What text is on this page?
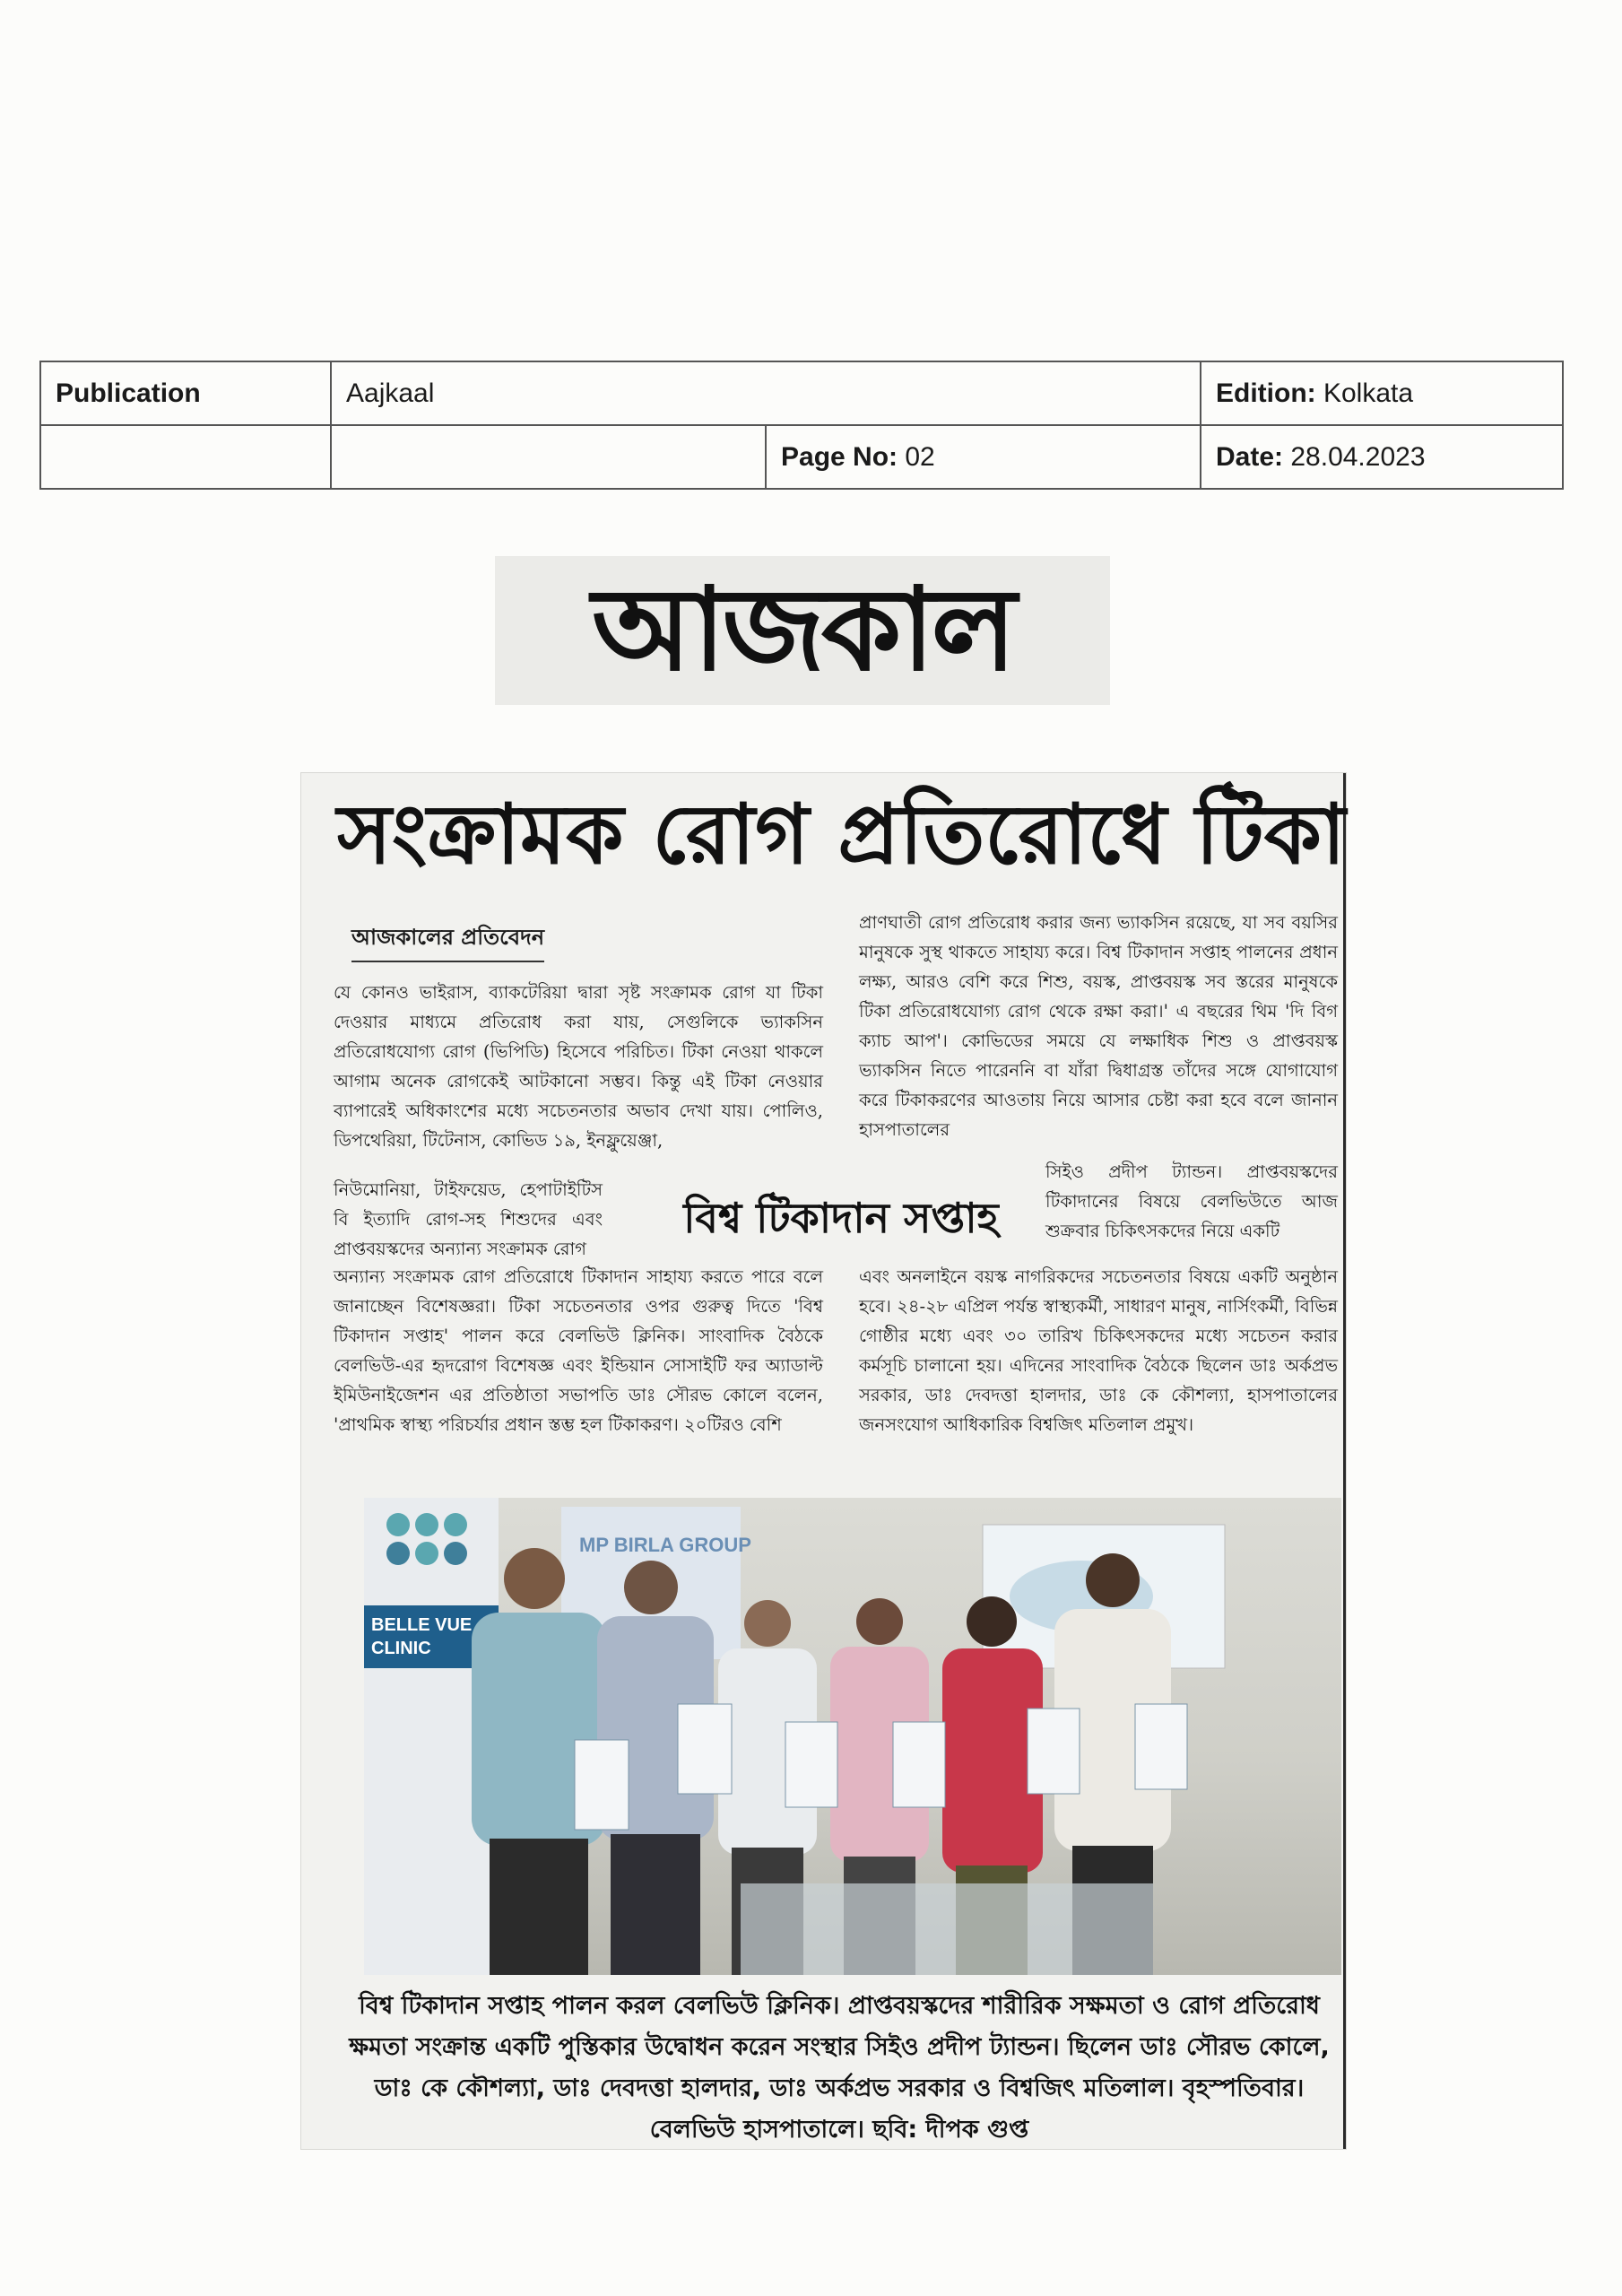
Publication	Aajkaal		Edition: Kolkata
		Page No: 02	Date: 28.04.2023
আজকাল
সংক্রামক রোগ প্রতিরোধে টিকা
আজকালের প্রতিবেদন
যে কোনও ভাইরাস, ব্যাকটেরিয়া দ্বারা সৃষ্ট সংক্রামক রোগ যা টিকা দেওয়ার মাধ্যমে প্রতিরোধ করা যায়, সেগুলিকে ভ্যাকসিন প্রতিরোধযোগ্য রোগ (ভিপিডি) হিসেবে পরিচিত। টিকা নেওয়া থাকলে আগাম অনেক রোগকেই আটকানো সম্ভব। কিন্তু এই টিকা নেওয়ার ব্যাপারেই অধিকাংশের মধ্যে সচেতনতার অভাব দেখা যায়। পোলিও, ডিপথেরিয়া, টিটেনাস, কোভিড ১৯, ইনফ্লুয়েঞ্জা,
নিউমোনিয়া, টাইফয়েড, হেপাটাইটিস বি ইত্যাদি রোগ-সহ শিশুদের এবং প্রাপ্তবয়স্কদের অন্যান্য সংক্রামক রোগ
বিশ্ব টিকাদান সপ্তাহ
সিইও প্রদীপ ট্যান্ডন। প্রাপ্তবয়স্কদের টিকাদানের বিষয়ে বেলভিউতে আজ শুক্রবার চিকিৎসকদের নিয়ে একটি
অন্যান্য সংক্রামক রোগ প্রতিরোধে টিকাদান সাহায্য করতে পারে বলে জানাচ্ছেন বিশেষজ্ঞরা। টিকা সচেতনতার ওপর গুরুত্ব দিতে 'বিশ্ব টিকাদান সপ্তাহ' পালন করে বেলভিউ ক্লিনিক। সাংবাদিক বৈঠকে বেলভিউ-এর হৃদরোগ বিশেষজ্ঞ এবং ইন্ডিয়ান সোসাইটি ফর অ্যাডাল্ট ইমিউনাইজেশন এর প্রতিষ্ঠাতা সভাপতি ডাঃ সৌরভ কোলে বলেন, 'প্রাথমিক স্বাস্থ্য পরিচর্যার প্রধান স্তম্ভ হল টিকাকরণ। ২০টিরও বেশি
প্রাণঘাতী রোগ প্রতিরোধ করার জন্য ভ্যাকসিন রয়েছে, যা সব বয়সির মানুষকে সুস্থ থাকতে সাহায্য করে। বিশ্ব টিকাদান সপ্তাহ পালনের প্রধান লক্ষ্য, আরও বেশি করে শিশু, বয়স্ক, প্রাপ্তবয়স্ক সব স্তরের মানুষকে টিকা প্রতিরোধযোগ্য রোগ থেকে রক্ষা করা।' এ বছরের থিম 'দি বিগ ক্যাচ আপ'। কোভিডের সময়ে যে লক্ষাধিক শিশু ও প্রাপ্তবয়স্ক ভ্যাকসিন নিতে পারেননি বা যাঁরা দ্বিধাগ্রস্ত তাঁদের সঙ্গে যোগাযোগ করে টিকাকরণের আওতায় নিয়ে আসার চেষ্টা করা হবে বলে জানান হাসপাতালের
এবং অনলাইনে বয়স্ক নাগরিকদের সচেতনতার বিষয়ে একটি অনুষ্ঠান হবে। ২৪-২৮ এপ্রিল পর্যন্ত স্বাস্থ্যকর্মী, সাধারণ মানুষ, নার্সিংকর্মী, বিভিন্ন গোষ্ঠীর মধ্যে এবং ৩০ তারিখ চিকিৎসকদের মধ্যে সচেতন করার কর্মসূচি চালানো হয়। এদিনের সাংবাদিক বৈঠকে ছিলেন ডাঃ অর্কপ্রভ সরকার, ডাঃ দেবদত্তা হালদার, ডাঃ কে কৌশল্যা, হাসপাতালের জনসংযোগ আধিকারিক বিশ্বজিৎ মতিলাল প্রমুখ।
BELLE VUE
CLINIC
MP BIRLA GROUP
বিশ্ব টিকাদান সপ্তাহ পালন করল বেলভিউ ক্লিনিক। প্রাপ্তবয়স্কদের শারীরিক সক্ষমতা ও রোগ প্রতিরোধ ক্ষমতা সংক্রান্ত একটি পুস্তিকার উদ্বোধন করেন সংস্থার সিইও প্রদীপ ট্যান্ডন। ছিলেন ডাঃ সৌরভ কোলে, ডাঃ কে কৌশল্যা, ডাঃ দেবদত্তা হালদার, ডাঃ অর্কপ্রভ সরকার ও বিশ্বজিৎ মতিলাল। বৃহস্পতিবার। বেলভিউ হাসপাতালে। ছবি: দীপক গুপ্ত
